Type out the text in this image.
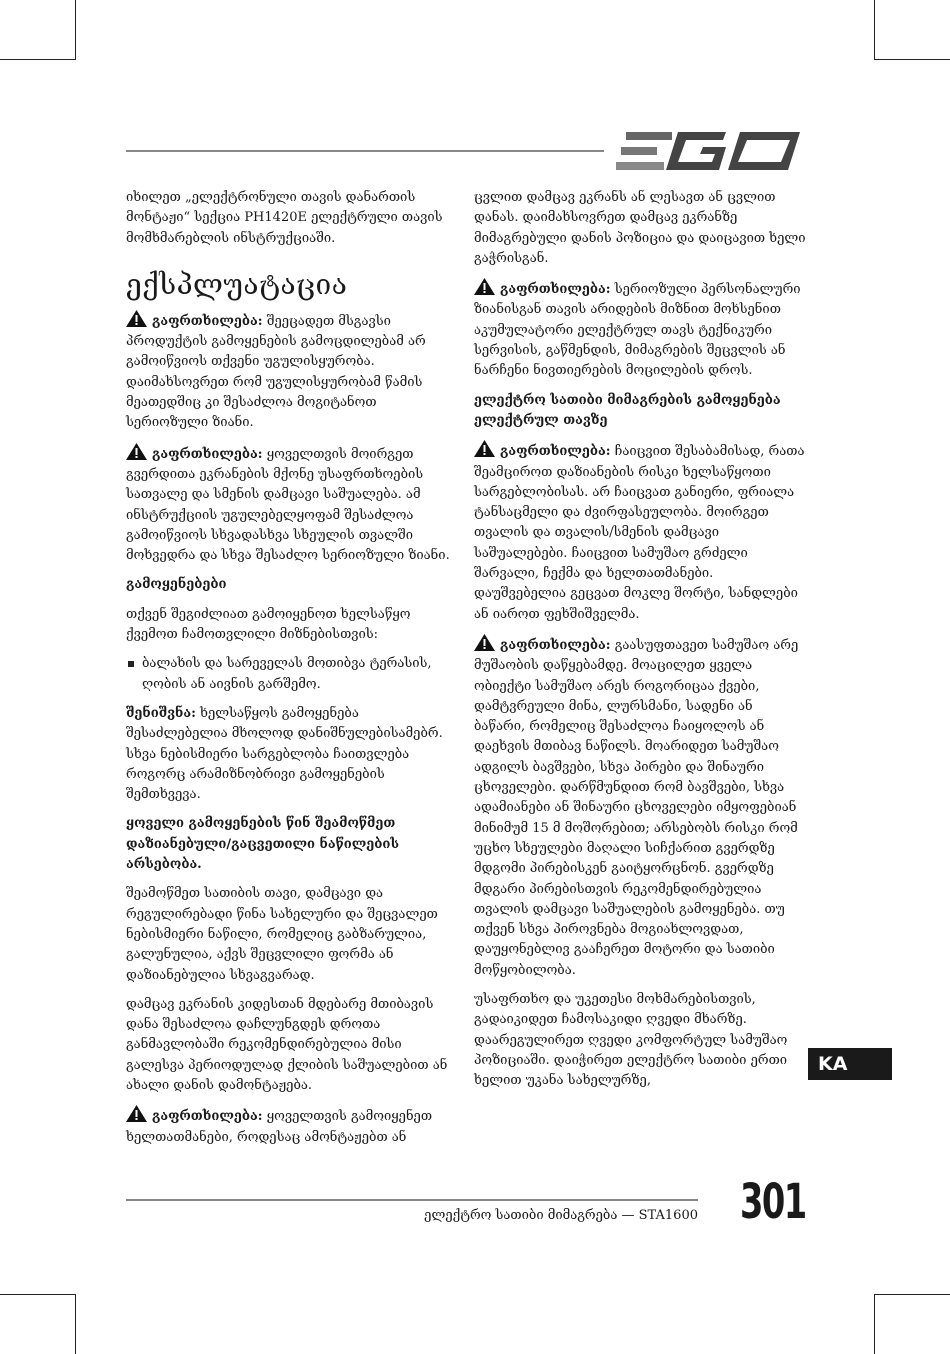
იხილეთ „ელექტრონული თავის დანართის მონტაჟი“ სექცია PH1420E ელექტრული თავის მომხმარებლის ინსტრუქციაში.

ექსპლუატაცია

გაფრთხილება: შეეცადეთ მსგავსი პროდუქტის გამოყენების გამოცდილებამ არ გამოიწვიოს თქვენი უგულისყურობა. დაიმახსოვრეთ რომ უგულისყურობამ წამის მეათედშიც კი შესაძლოა მოგიტანოთ სერიოზული ზიანი.

გაფრთხილება: ყოველთვის მოირგეთ გვერდითა ეკრანების მქონე უსაფრთხოების სათვალე და სმენის დამცავი საშუალება. ამ ინსტრუქციის უგულებელყოფამ შესაძლოა გამოიწვიოს სხვადასხვა სხეულის თვალში მოხვედრა და სხვა შესაძლო სერიოზული ზიანი.

გამოყენებები

თქვენ შეგიძლიათ გამოიყენოთ ხელსაწყო ქვემოთ ჩამოთვლილი მიზნებისთვის:

ბალახის და სარეველას მოთიბვა ტერასის, ღობის ან აივნის გარშემო.

შენიშვნა: ხელსაწყოს გამოყენება შესაძლებელია მხოლოდ დანიშნულებისამებრ. სხვა ნებისმიერი სარგებლობა ჩაითვლება როგორც არამიზნობრივი გამოყენების შემთხვევა.

ყოველი გამოყენების წინ შეამოწმეთ დაზიანებული/გაცვეთილი ნაწილების არსებობა.

შეამოწმეთ სათიბის თავი, დამცავი და რეგულირებადი წინა სახელური და შეცვალეთ ნებისმიერი ნაწილი, რომელიც გაბზარულია, გალუნულია, აქვს შეცვლილი ფორმა ან დაზიანებულია სხვაგვარად.

დამცავ ეკრანის კიდესთან მდებარე მთიბავის დანა შესაძლოა დაჩლუნგდეს დროთა განმავლობაში რეკომენდირებულია მისი გალესვა პერიოდულად ქლიბის საშუალებით ან ახალი დანის დამონტაჟება.

გაფრთხილება: ყოველთვის გამოიყენეთ ხელთათმანები, როდესაც ამონტაჟებთ ან

ცვლით დამცავ ეკრანს ან ლესავთ ან ცვლით დანას. დაიმახსოვრეთ დამცავ ეკრანზე მიმაგრებული დანის პოზიცია და დაიცავით ხელი გაჭრისგან.

გაფრთხილება: სერიოზული პერსონალური ზიანისგან თავის არიდების მიზნით მოხსენით აკუმულატორი ელექტრულ თავს ტექნიკური სერვისის, გაწმენდის, მიმაგრების შეცვლის ან ნარჩენი ნივთიერების მოცილების დროს.

ელექტრო სათიბი მიმაგრების გამოყენება ელექტრულ თავზე

გაფრთხილება: ჩაიცვით შესაბამისად, რათა შეამციროთ დაზიანების რისკი ხელსაწყოთი სარგებლობისას. არ ჩაიცვათ განიერი, ფრიალა ტანსაცმელი და ძვირფასეულობა. მოირგეთ თვალის და თვალის/სმენის დამცავი საშუალებები. ჩაიცვით სამუშაო გრძელი შარვალი, ჩექმა და ხელთათმანები. დაუშვებელია გეცვათ მოკლე შორტი, სანდლები ან იაროთ ფეხშიშველმა.

გაფრთხილება: გაასუფთავეთ სამუშაო არე მუშაობის დაწყებამდე. მოაცილეთ ყველა ობიექტი სამუშაო არეს როგორიცაა ქვები, დამტვრეული მინა, ლურსმანი, სადენი ან ბაწარი, რომელიც შესაძლოა ჩაიყოლოს ან დაეხვის მთიბავ ნაწილს. მოარიდეთ სამუშაო ადგილს ბავშვები, სხვა პირები და შინაური ცხოველები. დარწმუნდით რომ ბავშვები, სხვა ადამიანები ან შინაური ცხოველები იმყოფებიან მინიმუმ 15 მ მოშორებით; არსებობს რისკი რომ უცხო სხეულები მაღალი სიჩქარით გვერდზე მდგომი პირებისკენ გაიტყორცნონ. გვერდზე მდგარი პირებისთვის რეკომენდირებულია თვალის დამცავი საშუალების გამოყენება. თუ თქვენ სხვა პიროვნება მოგიახლოვდათ, დაუყონებლივ გააჩერეთ მოტორი და სათიბი მოწყობილობა.

უსაფრთხო და უკეთესი მოხმარებისთვის, გადაიკიდეთ ჩამოსაკიდი ღვედი მხარზე. დაარეგულირეთ ღვედი კომფორტულ სამუშაო პოზიციაში. დაიჭირეთ ელექტრო სათიბი ერთი ხელით უკანა სახელურზე,

KA
ელექტრო სათიბი მიმაგრება — STA1600 301
